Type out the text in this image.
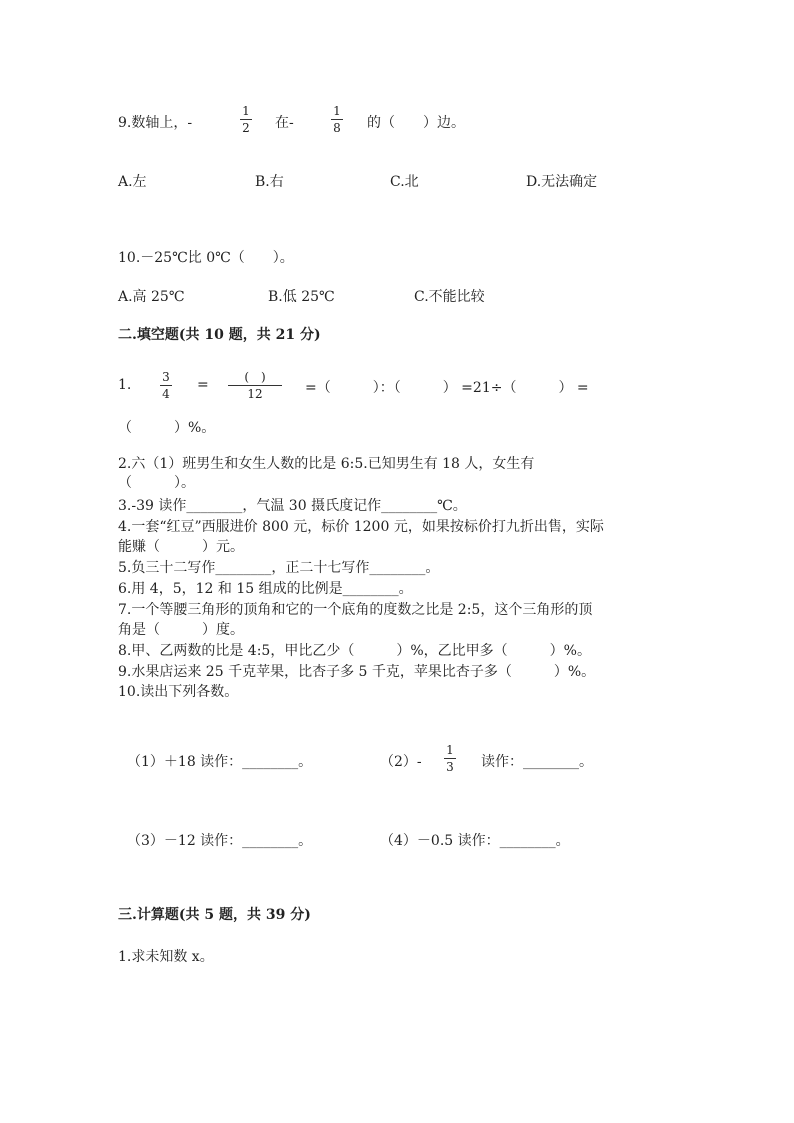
9.数轴上，-
1
2 在-
1
8 的（　　）边。
A.左	B.右	C.北	D.无法确定
10.－25℃比 0℃（　　）。
A.高 25℃	B.低 25℃	C.不能比较
二.填空题(共 10 题，共 21 分)
1.	3
4
=	(　)
12	=（　　　）：（　　　） =21÷（　　　） =
（　　　）%。
2.六（1）班男生和女生人数的比是 6:5.已知男生有 18 人，女生有
（　　　）。
3.-39 读作________，气温 30 摄氏度记作________℃。
4.一套“红豆”西服进价 800 元，标价 1200 元，如果按标价打九折出售，实际
能赚（　　　）元。
5.负三十二写作________，正二十七写作________。
6.用 4，5，12 和 15 组成的比例是________。
7.一个等腰三角形的顶角和它的一个底角的度数之比是 2:5，这个三角形的顶
角是（　　　）度。
8.甲、乙两数的比是 4:5，甲比乙少（　　　）%，乙比甲多（　　　）%。
9.水果店运来 25 千克苹果，比杏子多 5 千克，苹果比杏子多（　　　）%。
10.读出下列各数。
（1）＋18 读作：________。	（2）-
1
3 读作：________。
（3）－12 读作：________。	（4）－0.5 读作：________。
三.计算题(共 5 题，共 39 分)
1.求未知数 x。
